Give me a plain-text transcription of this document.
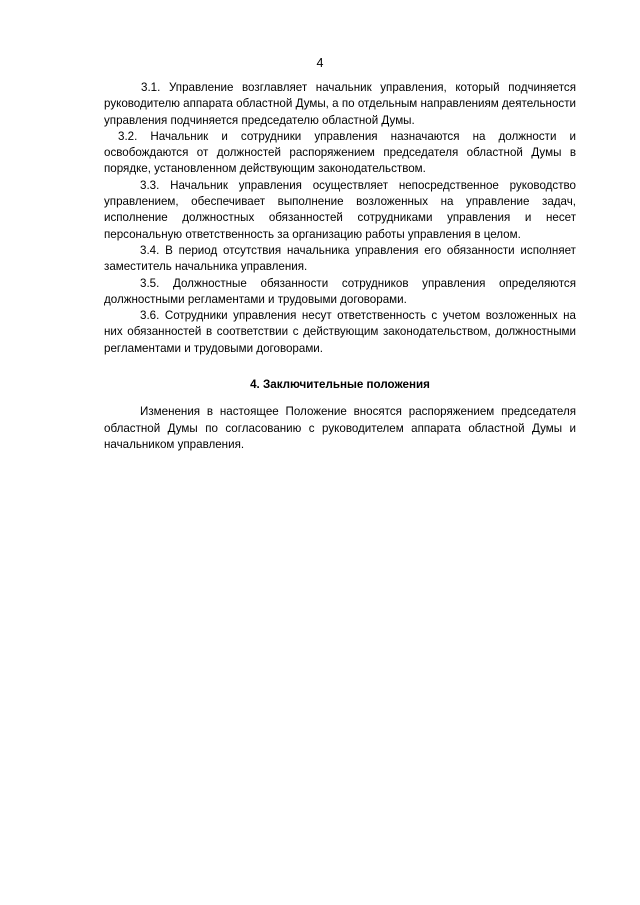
4

3.1. Управление возглавляет начальник управления, который подчиняется руководителю аппарата областной Думы, а по отдельным направлениям деятельности управления подчиняется председателю областной Думы.

3.2. Начальник и сотрудники управления назначаются на должности и освобождаются от должностей распоряжением председателя областной Думы в порядке, установленном действующим законодательством.

3.3. Начальник управления осуществляет непосредственное руководство управлением, обеспечивает выполнение возложенных на управление задач, исполнение должностных обязанностей сотрудниками управления и несет персональную ответственность за организацию работы управления в целом.

3.4. В период отсутствия начальника управления его обязанности исполняет заместитель начальника управления.

3.5. Должностные обязанности сотрудников управления определяются должностными регламентами и трудовыми договорами.

3.6. Сотрудники управления несут ответственность с учетом возложенных на них обязанностей в соответствии с действующим законодательством, должностными регламентами и трудовыми договорами.

4. Заключительные положения

Изменения в настоящее Положение вносятся распоряжением председателя областной Думы по согласованию с руководителем аппарата областной Думы и начальником управления.
